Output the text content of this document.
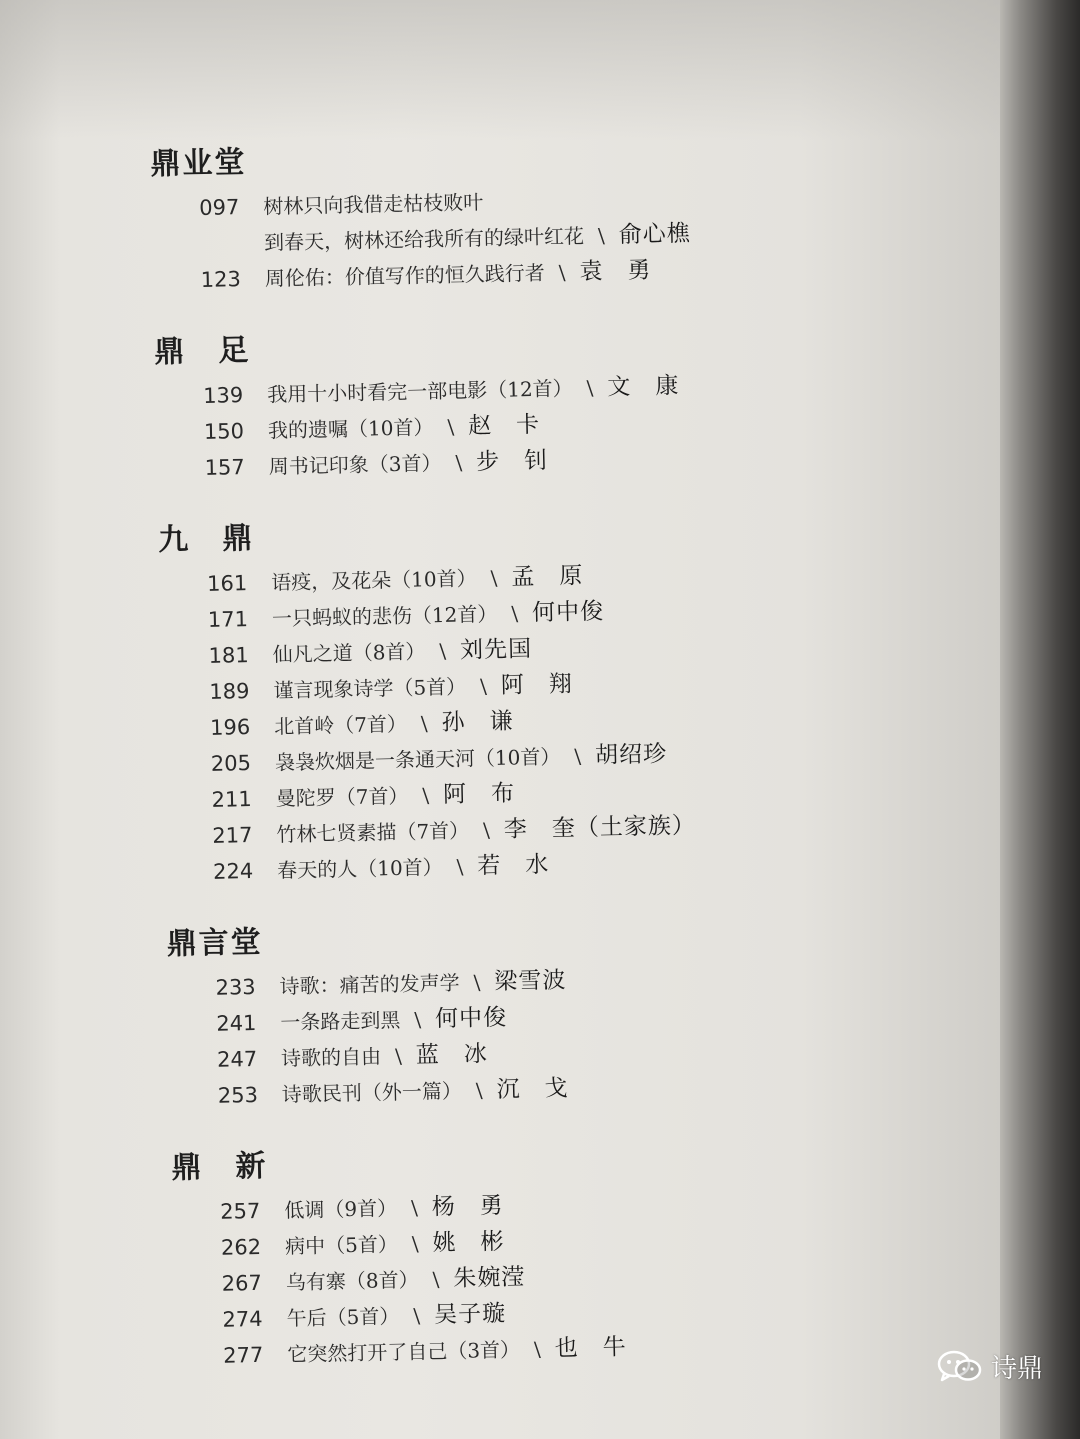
鼎业堂
097	树林只向我借走枯枝败叶
到春天，树林还给我所有的绿叶红花 \ 俞心樵
123	周伦佑：价值写作的恒久践行者 \ 袁　勇
鼎　足
139	我用十小时看完一部电影（12首） \ 文　康
150	我的遗嘱（10首） \ 赵　卡
157	周书记印象（3首） \ 步　钊
九　鼎
161	语疫，及花朵（10首） \ 孟　原
171	一只蚂蚁的悲伤（12首） \ 何中俊
181	仙凡之道（8首） \ 刘先国
189	谨言现象诗学（5首） \ 阿　翔
196	北首岭（7首） \ 孙　谦
205	袅袅炊烟是一条通天河（10首） \ 胡绍珍
211	曼陀罗（7首） \ 阿　布
217	竹林七贤素描（7首） \ 李　奎（土家族）
224	春天的人（10首） \ 若　水
鼎言堂
233	诗歌：痛苦的发声学 \ 梁雪波
241	一条路走到黑 \ 何中俊
247	诗歌的自由 \ 蓝　冰
253	诗歌民刊（外一篇） \ 沉　戈
鼎　新
257	低调（9首） \ 杨　勇
262	病中（5首） \ 姚　彬
267	乌有寨（8首） \ 朱婉滢
274	午后（5首） \ 吴子璇
277	它突然打开了自己（3首） \ 也　牛
诗鼎
